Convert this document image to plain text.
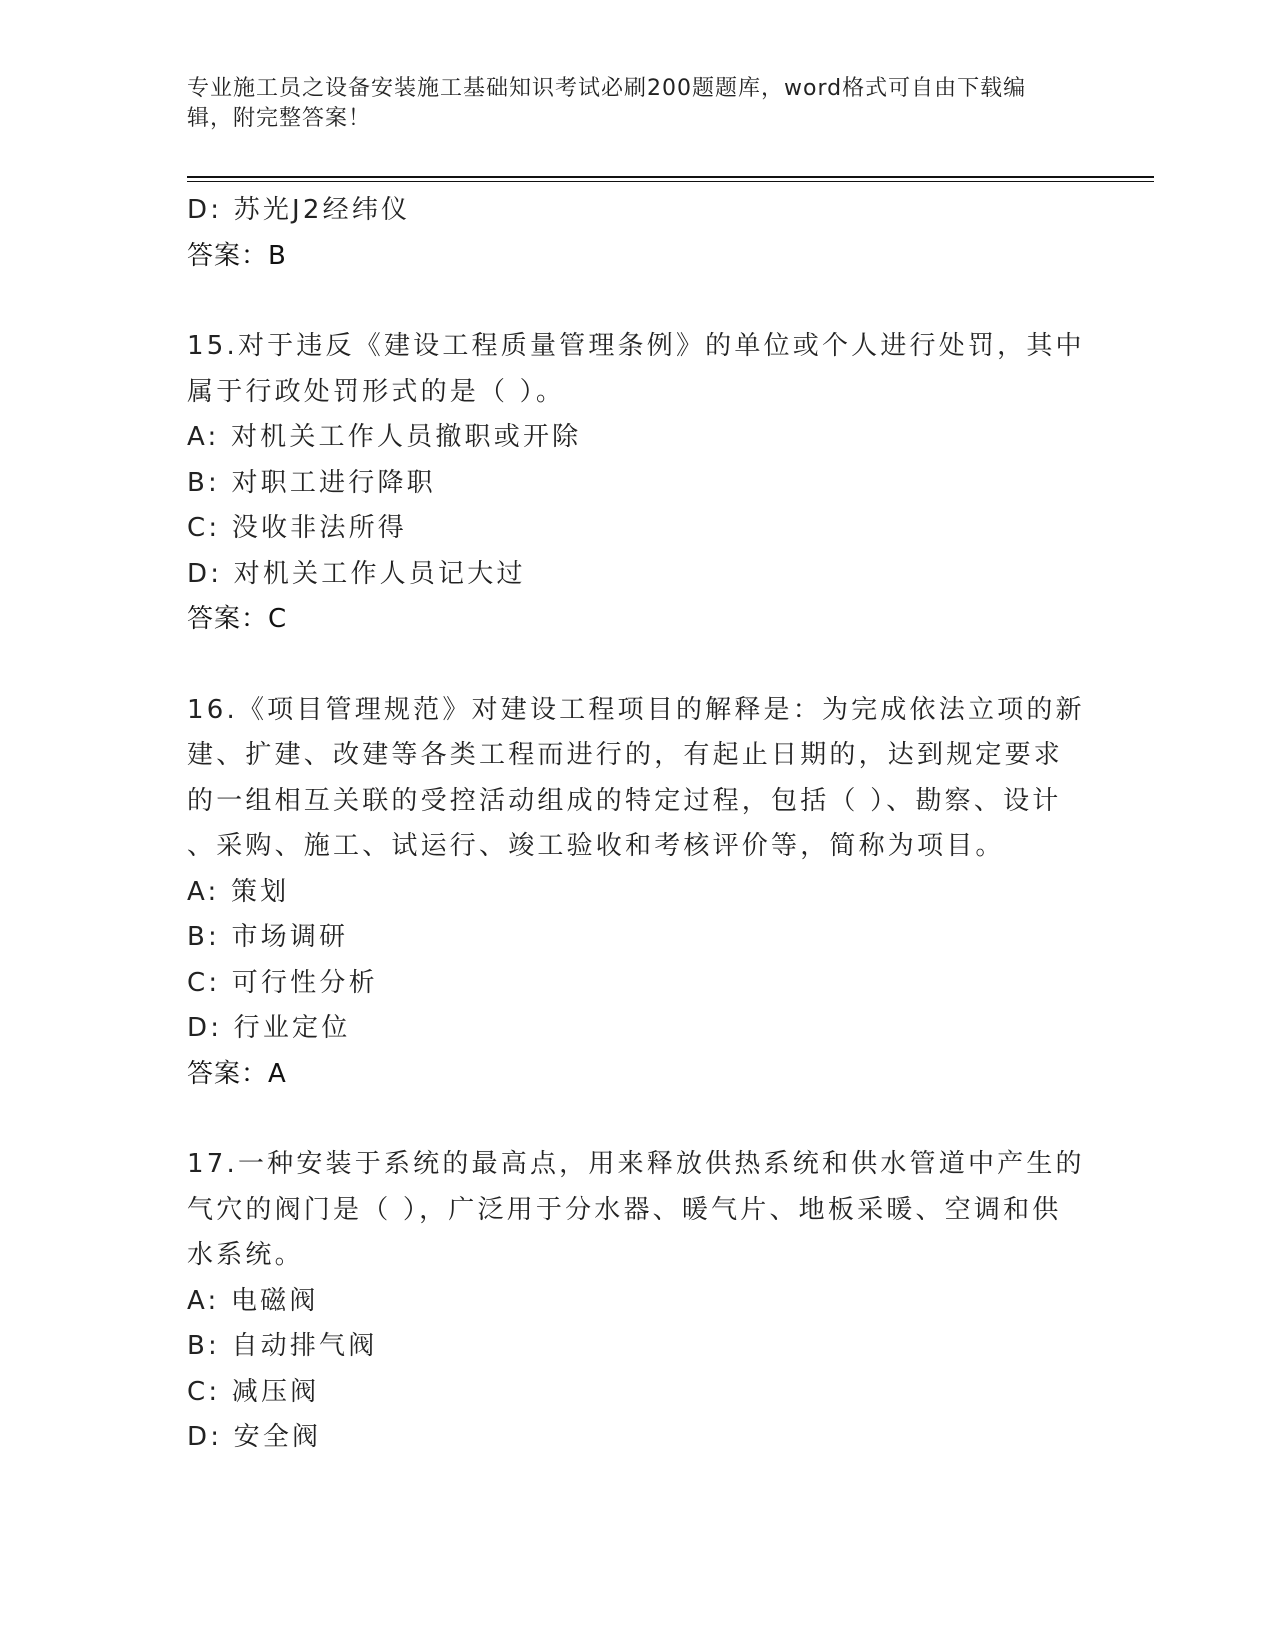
专业施工员之设备安装施工基础知识考试必刷200题题库，word格式可自由下载编辑，附完整答案！
D: 苏光J2经纬仪
答案：B
15.对于违反《建设工程质量管理条例》的单位或个人进行处罚，其中
属于行政处罚形式的是（ ）。
A: 对机关工作人员撤职或开除
B: 对职工进行降职
C: 没收非法所得
D: 对机关工作人员记大过
答案：C
16.《项目管理规范》对建设工程项目的解释是：为完成依法立项的新
建、扩建、改建等各类工程而进行的，有起止日期的，达到规定要求
的一组相互关联的受控活动组成的特定过程，包括（ ）、勘察、设计
、采购、施工、试运行、竣工验收和考核评价等，简称为项目。
A: 策划
B: 市场调研
C: 可行性分析
D: 行业定位
答案：A
17.一种安装于系统的最高点，用来释放供热系统和供水管道中产生的
气穴的阀门是（ ），广泛用于分水器、暖气片、地板采暖、空调和供
水系统。
A: 电磁阀
B: 自动排气阀
C: 减压阀
D: 安全阀
